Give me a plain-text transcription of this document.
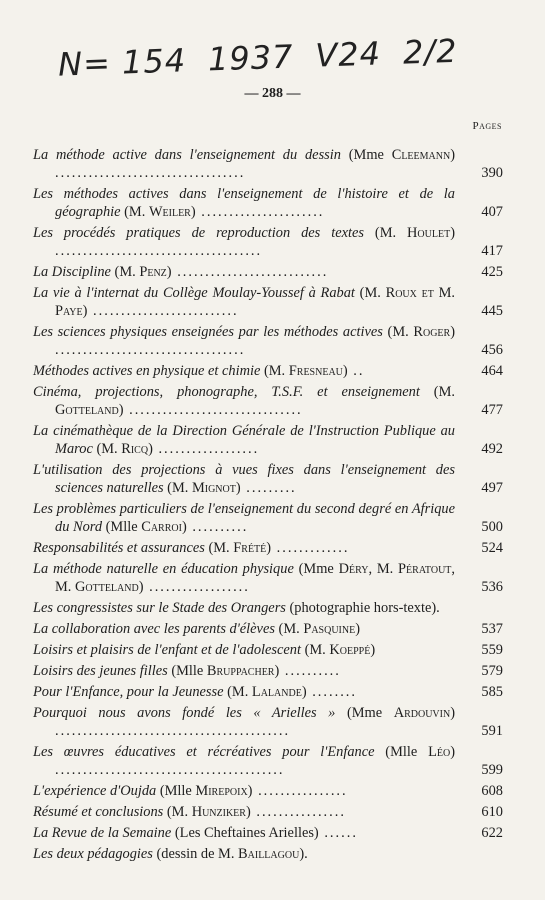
N= 154 1937 V24 2/2
— 288 —
Pages
La méthode active dans l'enseignement du dessin (Mme Cleemann) ..................................	390
Les méthodes actives dans l'enseignement de l'histoire et de la géographie (M. Weiler) ......................	407
Les procédés pratiques de reproduction des textes (M. Houlet) .....................................	417
La Discipline (M. Penz) ...........................	425
La vie à l'internat du Collège Moulay-Youssef à Rabat (M. Roux et M. Paye) ..........................	445
Les sciences physiques enseignées par les méthodes actives (M. Roger) ..................................	456
Méthodes actives en physique et chimie (M. Fresneau) ..	464
Cinéma, projections, phonographe, T.S.F. et enseignement (M. Gotteland) ...............................	477
La cinémathèque de la Direction Générale de l'Instruction Publique au Maroc (M. Ricq) ..................	492
L'utilisation des projections à vues fixes dans l'enseignement des sciences naturelles (M. Mignot) .........	497
Les problèmes particuliers de l'enseignement du second degré en Afrique du Nord (Mlle Carroi) ..........	500
Responsabilités et assurances (M. Frété) .............	524
La méthode naturelle en éducation physique (Mme Déry, M. Pératout, M. Gotteland) ..................	536
Les congressistes sur le Stade des Orangers (photographie hors-texte).
La collaboration avec les parents d'élèves (M. Pasquine)	537
Loisirs et plaisirs de l'enfant et de l'adolescent (M. Koeppé)	559
Loisirs des jeunes filles (Mlle Bruppacher) ..........	579
Pour l'Enfance, pour la Jeunesse (M. Lalande) ........	585
Pourquoi nous avons fondé les « Arielles » (Mme Ardouvin) ..........................................	591
Les œuvres éducatives et récréatives pour l'Enfance (Mlle Léo) .........................................	599
L'expérience d'Oujda (Mlle Mirepoix) ................	608
Résumé et conclusions (M. Hunziker) ................	610
La Revue de la Semaine (Les Cheftaines Arielles) ......	622
Les deux pédagogies (dessin de M. Baillagou).
